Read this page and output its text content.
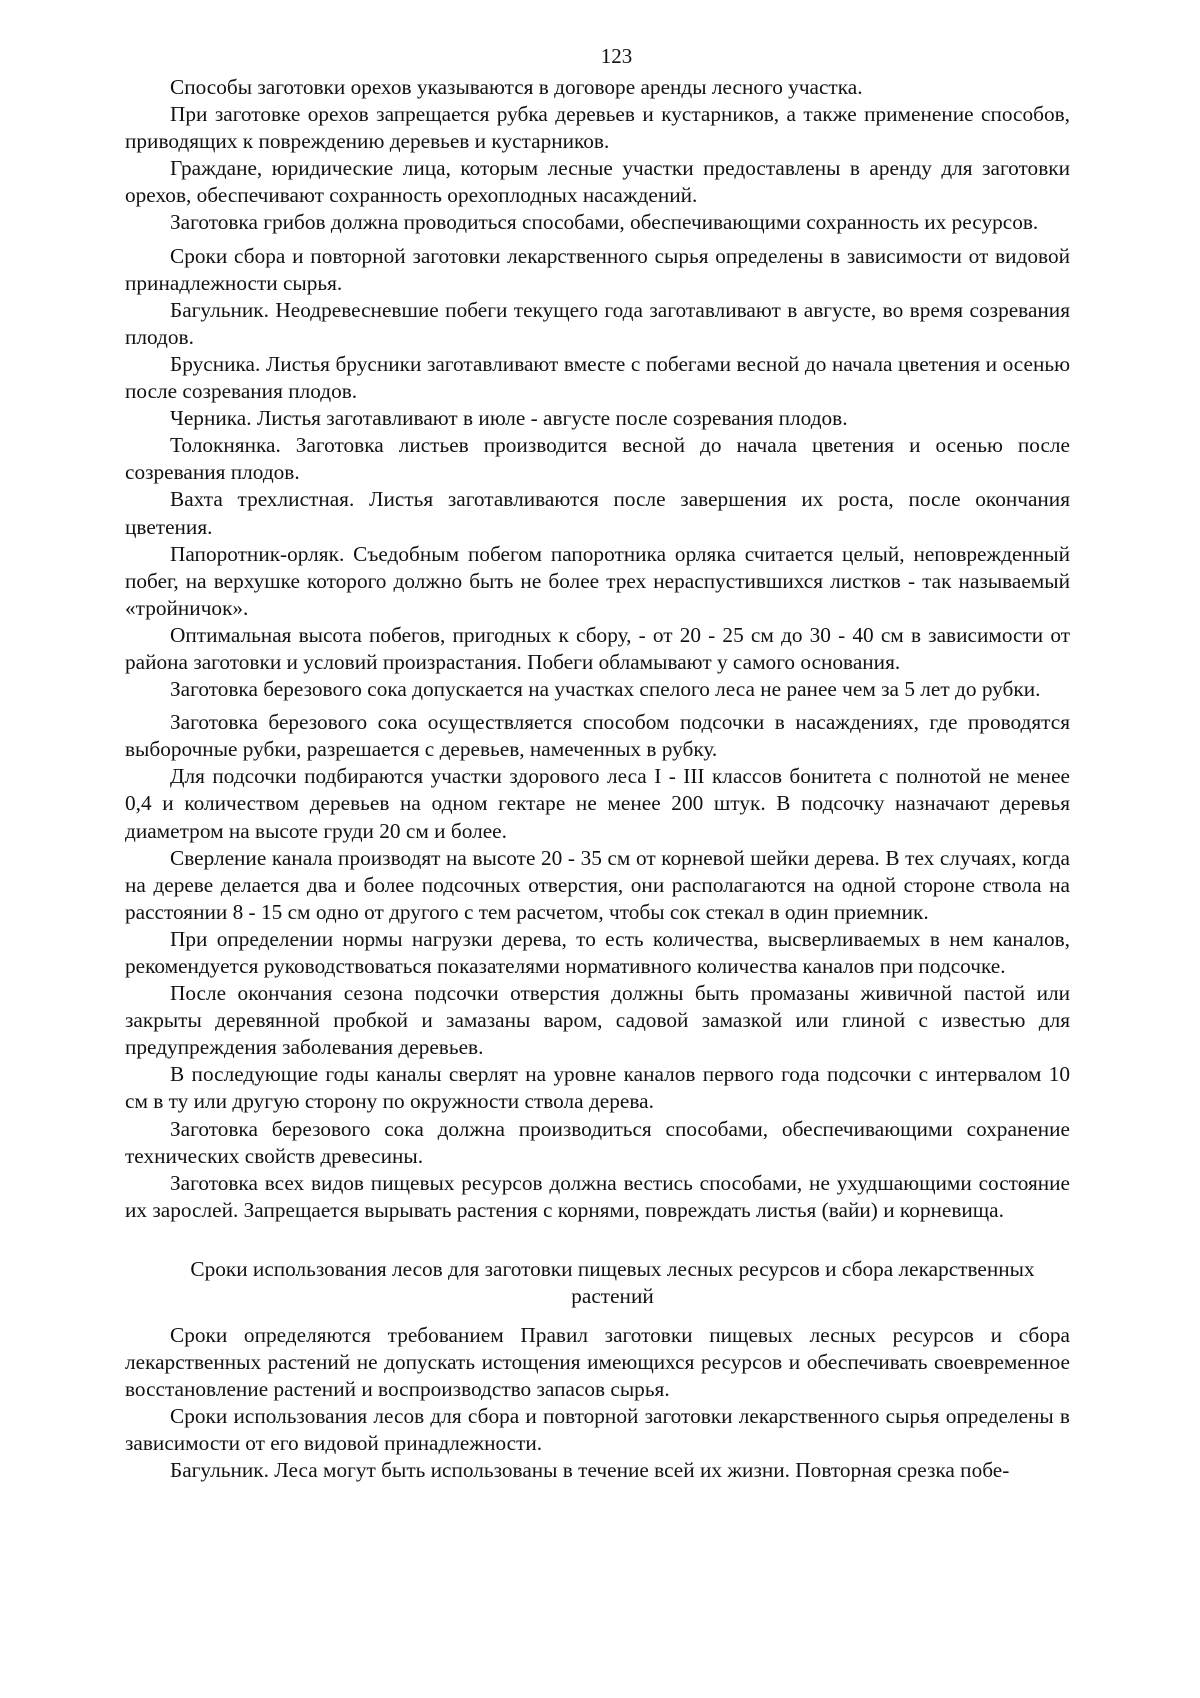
123

Способы заготовки орехов указываются в договоре аренды лесного участка.

При заготовке орехов запрещается рубка деревьев и кустарников, а также применение способов, приводящих к повреждению деревьев и кустарников.

Граждане, юридические лица, которым лесные участки предоставлены в аренду для заготовки орехов, обеспечивают сохранность орехоплодных насаждений.

Заготовка грибов должна проводиться способами, обеспечивающими сохранность их ресурсов.

Сроки сбора и повторной заготовки лекарственного сырья определены в зависимости от видовой принадлежности сырья.

Багульник. Неодревесневшие побеги текущего года заготавливают в августе, во время созревания плодов.

Брусника. Листья брусники заготавливают вместе с побегами весной до начала цветения и осенью после созревания плодов.

Черника. Листья заготавливают в июле - августе после созревания плодов.

Толокнянка. Заготовка листьев производится весной до начала цветения и осенью после созревания плодов.

Вахта трехлистная. Листья заготавливаются после завершения их роста, после окончания цветения.

Папоротник-орляк. Съедобным побегом папоротника орляка считается целый, неповрежденный побег, на верхушке которого должно быть не более трех нераспустившихся листков - так называемый «тройничок».

Оптимальная высота побегов, пригодных к сбору, - от 20 - 25 см до 30 - 40 см в зависимости от района заготовки и условий произрастания. Побеги обламывают у самого основания.

Заготовка березового сока допускается на участках спелого леса не ранее чем за 5 лет до рубки.

Заготовка березового сока осуществляется способом подсочки в насаждениях, где проводятся выборочные рубки, разрешается с деревьев, намеченных в рубку.

Для подсочки подбираются участки здорового леса I - III классов бонитета с полнотой не менее 0,4 и количеством деревьев на одном гектаре не менее 200 штук. В подсочку назначают деревья диаметром на высоте груди 20 см и более.

Сверление канала производят на высоте 20 - 35 см от корневой шейки дерева. В тех случаях, когда на дереве делается два и более подсочных отверстия, они располагаются на одной стороне ствола на расстоянии 8 - 15 см одно от другого с тем расчетом, чтобы сок стекал в один приемник.

При определении нормы нагрузки дерева, то есть количества, высверливаемых в нем каналов, рекомендуется руководствоваться показателями нормативного количества каналов при подсочке.

После окончания сезона подсочки отверстия должны быть промазаны живичной пастой или закрыты деревянной пробкой и замазаны варом, садовой замазкой или глиной с известью для предупреждения заболевания деревьев.

В последующие годы каналы сверлят на уровне каналов первого года подсочки с интервалом 10 см в ту или другую сторону по окружности ствола дерева.

Заготовка березового сока должна производиться способами, обеспечивающими сохранение технических свойств древесины.

Заготовка всех видов пищевых ресурсов должна вестись способами, не ухудшающими состояние их зарослей. Запрещается вырывать растения с корнями, повреждать листья (вайи) и корневища.

Сроки использования лесов для заготовки пищевых лесных ресурсов и сбора лекарственных растений

Сроки определяются требованием Правил заготовки пищевых лесных ресурсов и сбора лекарственных растений не допускать истощения имеющихся ресурсов и обеспечивать своевременное восстановление растений и воспроизводство запасов сырья.

Сроки использования лесов для сбора и повторной заготовки лекарственного сырья определены в зависимости от его видовой принадлежности.

Багульник. Леса могут быть использованы в течение всей их жизни. Повторная срезка побе-
